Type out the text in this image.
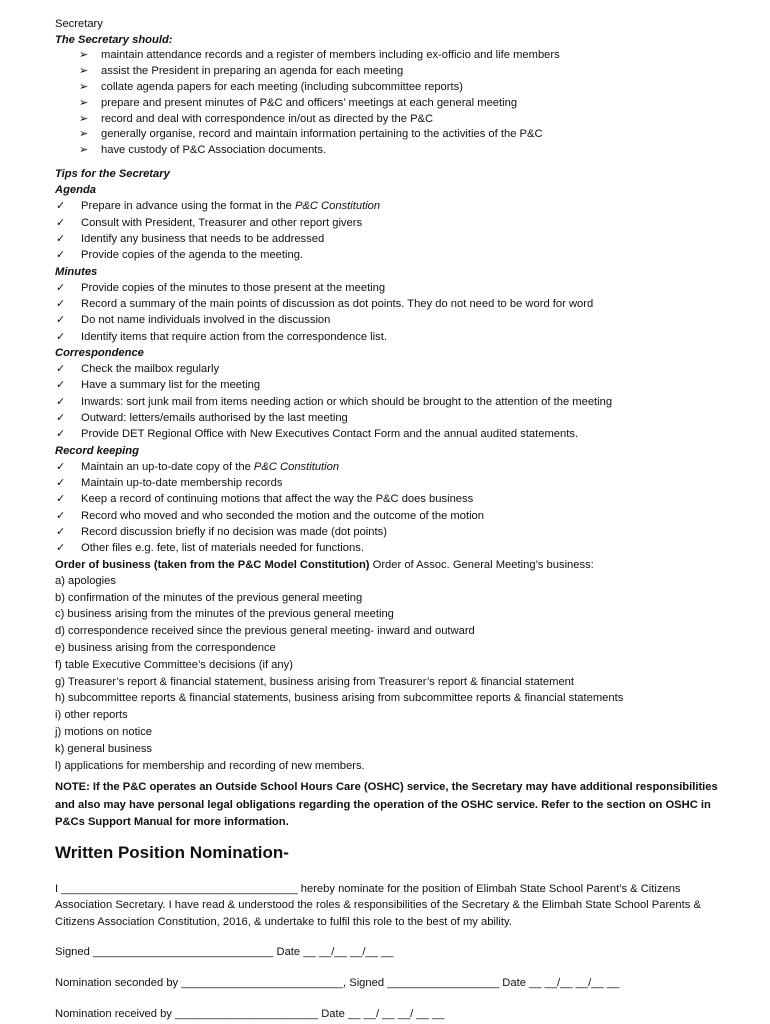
Secretary
The Secretary should:
➢	maintain attendance records and a register of members including ex-officio and life members
➢	assist the President in preparing an agenda for each meeting
➢	collate agenda papers for each meeting (including subcommittee reports)
➢	prepare and present minutes of P&C and officers’ meetings at each general meeting
➢	record and deal with correspondence in/out as directed by the P&C
➢	generally organise, record and maintain information pertaining to the activities of the P&C
➢	have custody of P&C Association documents.
Tips for the Secretary
Agenda
✓	Prepare in advance using the format in the P&C Constitution
✓	Consult with President, Treasurer and other report givers
✓	Identify any business that needs to be addressed
✓	Provide copies of the agenda to the meeting.
Minutes
✓	Provide copies of the minutes to those present at the meeting
✓	Record a summary of the main points of discussion as dot points. They do not need to be word for word
✓	Do not name individuals involved in the discussion
✓	Identify items that require action from the correspondence list.
Correspondence
✓	Check the mailbox regularly
✓	Have a summary list for the meeting
✓	Inwards: sort junk mail from items needing action or which should be brought to the attention of the meeting
✓	Outward: letters/emails authorised by the last meeting
✓	Provide DET Regional Office with New Executives Contact Form and the annual audited statements.
Record keeping
✓	Maintain an up-to-date copy of the P&C Constitution
✓	Maintain up-to-date membership records
✓	Keep a record of continuing motions that affect the way the P&C does business
✓	Record who moved and who seconded the motion and the outcome of the motion
✓	Record discussion briefly if no decision was made (dot points)
✓	Other files e.g. fete, list of materials needed for functions.
Order of business (taken from the P&C Model Constitution) Order of Assoc. General Meeting’s business:
a) apologies
b) confirmation of the minutes of the previous general meeting
c) business arising from the minutes of the previous general meeting
d) correspondence received since the previous general meeting- inward and outward
e) business arising from the correspondence
f) table Executive Committee’s decisions (if any)
g) Treasurer’s report & financial statement, business arising from Treasurer’s report & financial statement
h) subcommittee reports & financial statements, business arising from subcommittee reports & financial statements
i) other reports
j) motions on notice
k) general business
l) applications for membership and recording of new members.
NOTE: If the P&C operates an Outside School Hours Care (OSHC) service, the Secretary may have additional responsibilities and also may have personal legal obligations regarding the operation of the OSHC service. Refer to the section on OSHC in P&Cs Support Manual for more information.
Written Position Nomination-
I ______________________________________ hereby nominate for the position of Elimbah State School Parent’s & Citizens Association Secretary. I have read & understood the roles & responsibilities of the Secretary & the Elimbah State School Parents & Citizens Association Constitution, 2016, & undertake to fulfil this role to the best of my ability.
Signed _____________________________ Date __ __/__ __/__ __
Nomination seconded by __________________________, Signed __________________ Date __ __/__ __/__ __
Nomination received by _______________________ Date __ __/ __ __/ __ __
